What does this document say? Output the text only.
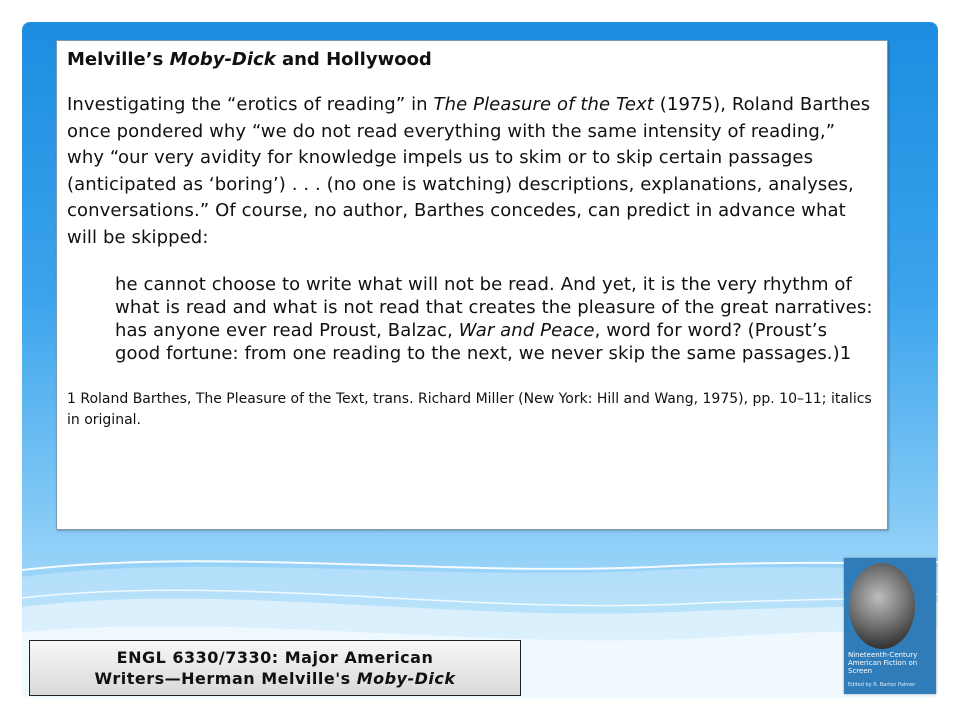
Melville’s Moby-Dick and Hollywood

Investigating the “erotics of reading” in The Pleasure of the Text (1975), Roland Barthes once pondered why “we do not read everything with the same intensity of reading,” why “our very avidity for knowledge impels us to skim or to skip certain passages (anticipated as ‘boring’) . . . (no one is watching) descriptions, explanations, analyses, conversations.” Of course, no author, Barthes concedes, can predict in advance what will be skipped:

he cannot choose to write what will not be read. And yet, it is the very rhythm of what is read and what is not read that creates the pleasure of the great narratives: has anyone ever read Proust, Balzac, War and Peace, word for word? (Proust’s good fortune: from one reading to the next, we never skip the same passages.)1

1 Roland Barthes, The Pleasure of the Text, trans. Richard Miller (New York: Hill and Wang, 1975), pp. 10–11; italics in original.

ENGL 6330/7330: Major American
Writers—Herman Melville's Moby-Dick
Nineteenth-Century American Fiction on Screen
Edited by R. Barton Palmer
